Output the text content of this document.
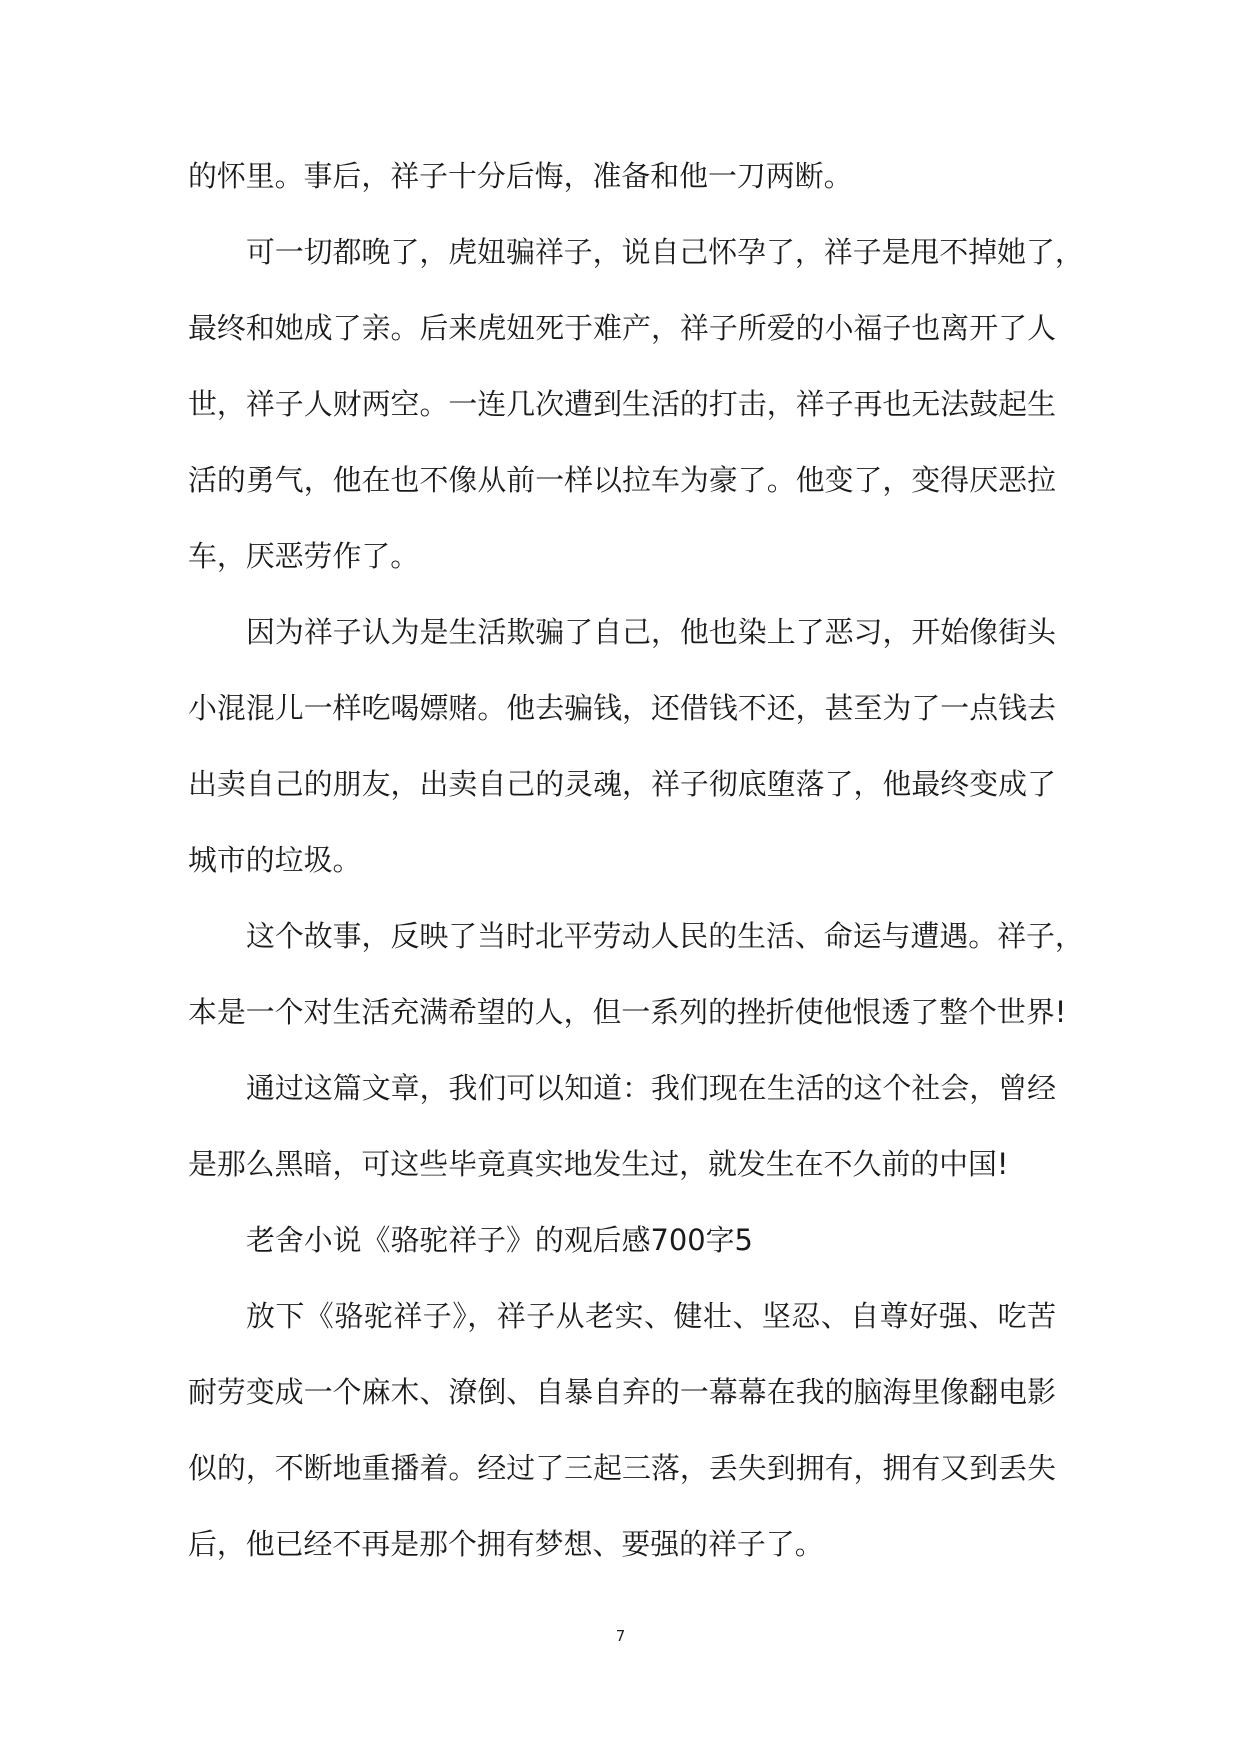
的怀里。事后，祥子十分后悔，准备和他一刀两断。
可一切都晚了，虎妞骗祥子，说自己怀孕了，祥子是甩不掉她了，
最终和她成了亲。后来虎妞死于难产，祥子所爱的小福子也离开了人
世，祥子人财两空。一连几次遭到生活的打击，祥子再也无法鼓起生
活的勇气，他在也不像从前一样以拉车为豪了。他变了，变得厌恶拉
车，厌恶劳作了。
因为祥子认为是生活欺骗了自己，他也染上了恶习，开始像街头
小混混儿一样吃喝嫖赌。他去骗钱，还借钱不还，甚至为了一点钱去
出卖自己的朋友，出卖自己的灵魂，祥子彻底堕落了，他最终变成了
城市的垃圾。
这个故事，反映了当时北平劳动人民的生活、命运与遭遇。祥子，
本是一个对生活充满希望的人，但一系列的挫折使他恨透了整个世界!
通过这篇文章，我们可以知道：我们现在生活的这个社会，曾经
是那么黑暗，可这些毕竟真实地发生过，就发生在不久前的中国!
老舍小说《骆驼祥子》的观后感700字5
放下《骆驼祥子》，祥子从老实、健壮、坚忍、自尊好强、吃苦
耐劳变成一个麻木、潦倒、自暴自弃的一幕幕在我的脑海里像翻电影
似的，不断地重播着。经过了三起三落，丢失到拥有，拥有又到丢失
后，他已经不再是那个拥有梦想、要强的祥子了。
7
